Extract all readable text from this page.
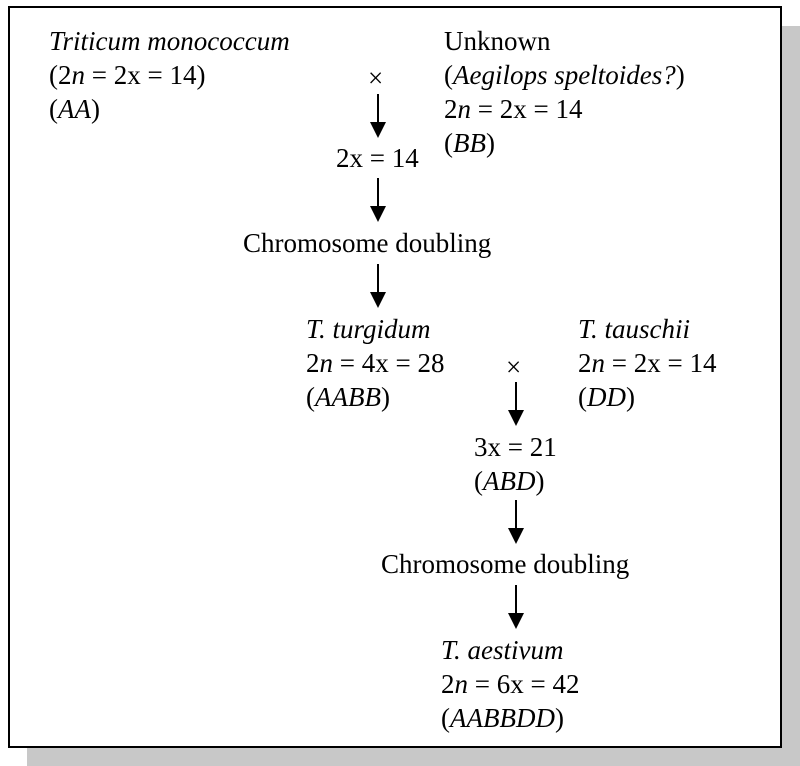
Triticum monococcum
(2n = 2x = 14)
(AA)
Unknown
(Aegilops speltoides?)
2n = 2x = 14
(BB)
×
2x = 14
Chromosome doubling
T. turgidum
2n = 4x = 28
(AABB)
T. tauschii
2n = 2x = 14
(DD)
×
3x = 21
(ABD)
Chromosome doubling
T. aestivum
2n = 6x = 42
(AABBDD)
